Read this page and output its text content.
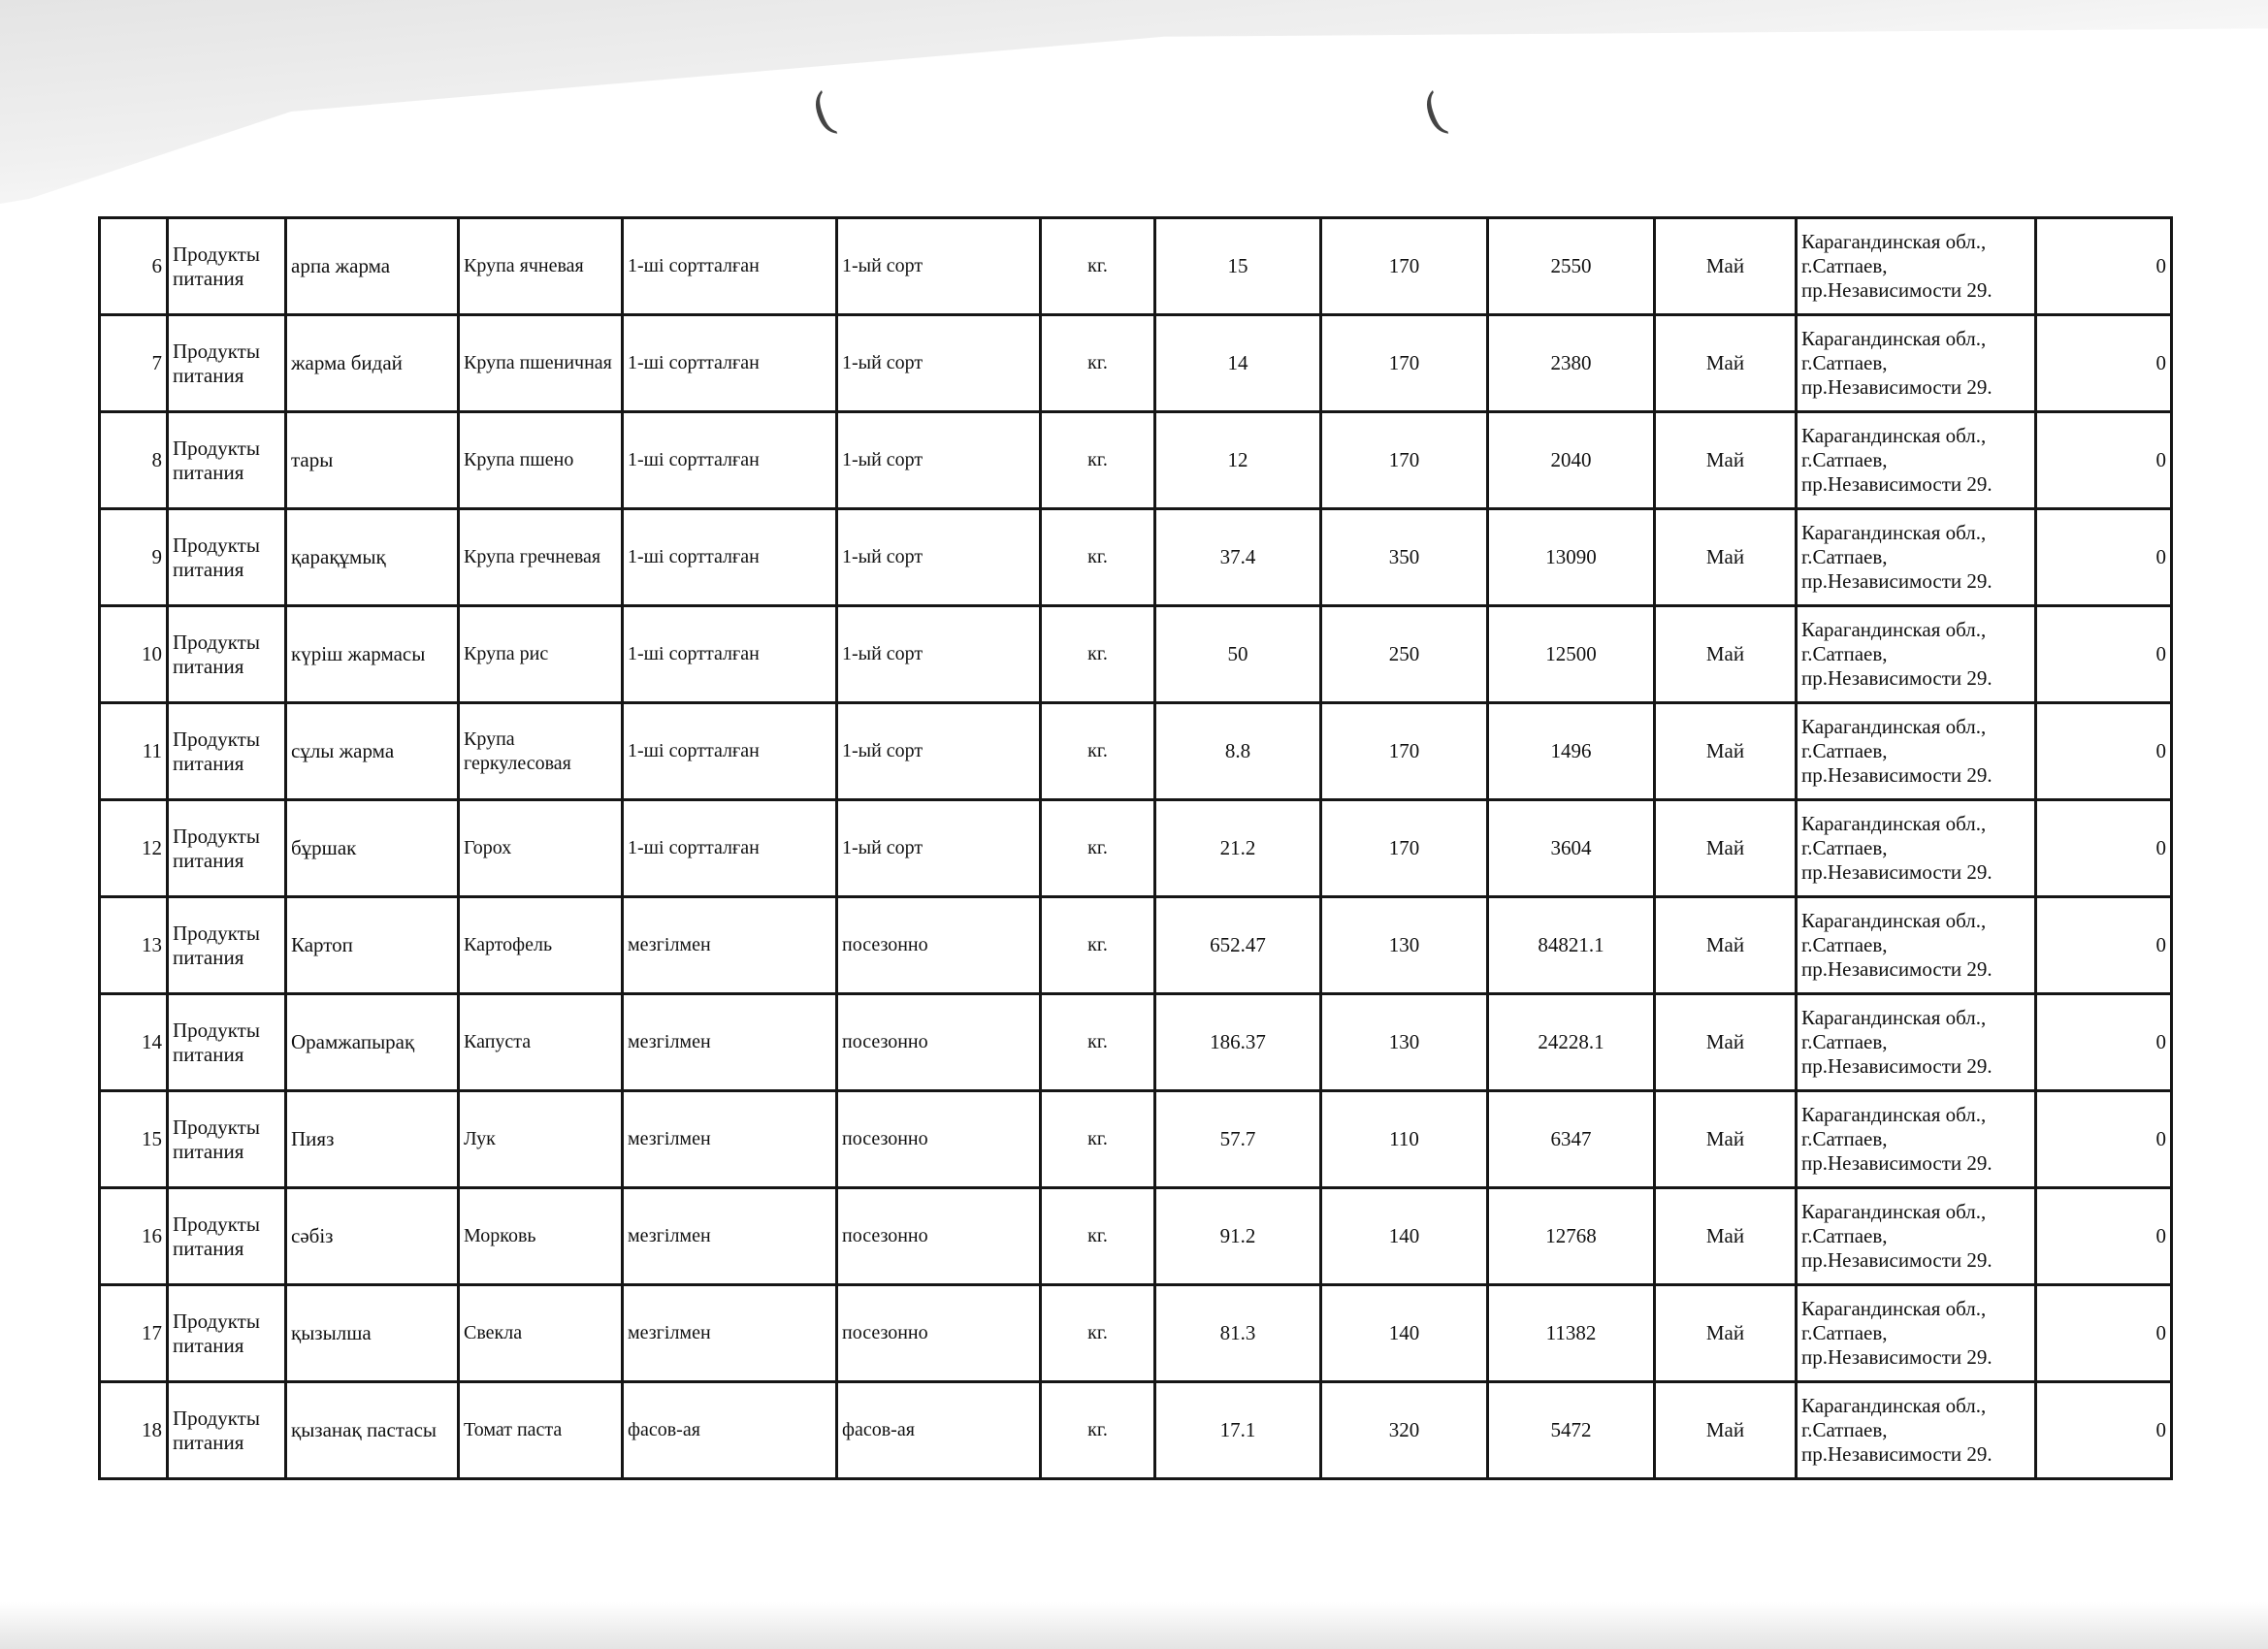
(	(
6	Продукты питания	арпа жарма	Крупа ячневая	1-ші сортталған	1-ый сорт	кг.	15	170	2550	Май	Карагандинская обл., г.Сатпаев, пр.Независимости 29.	0
7	Продукты питания	жарма бидай	Крупа пшеничная	1-ші сортталған	1-ый сорт	кг.	14	170	2380	Май	Карагандинская обл., г.Сатпаев, пр.Независимости 29.	0
8	Продукты питания	тары	Крупа пшено	1-ші сортталған	1-ый сорт	кг.	12	170	2040	Май	Карагандинская обл., г.Сатпаев, пр.Независимости 29.	0
9	Продукты питания	қарақұмық	Крупа гречневая	1-ші сортталған	1-ый сорт	кг.	37.4	350	13090	Май	Карагандинская обл., г.Сатпаев, пр.Независимости 29.	0
10	Продукты питания	күріш жармасы	Крупа рис	1-ші сортталған	1-ый сорт	кг.	50	250	12500	Май	Карагандинская обл., г.Сатпаев, пр.Независимости 29.	0
11	Продукты питания	сұлы жарма	Крупа геркулесовая	1-ші сортталған	1-ый сорт	кг.	8.8	170	1496	Май	Карагандинская обл., г.Сатпаев, пр.Независимости 29.	0
12	Продукты питания	бұршак	Горох	1-ші сортталған	1-ый сорт	кг.	21.2	170	3604	Май	Карагандинская обл., г.Сатпаев, пр.Независимости 29.	0
13	Продукты питания	Картоп	Картофель	мезгілмен	посезонно	кг.	652.47	130	84821.1	Май	Карагандинская обл., г.Сатпаев, пр.Независимости 29.	0
14	Продукты питания	Орамжапырақ	Капуста	мезгілмен	посезонно	кг.	186.37	130	24228.1	Май	Карагандинская обл., г.Сатпаев, пр.Независимости 29.	0
15	Продукты питания	Пияз	Лук	мезгілмен	посезонно	кг.	57.7	110	6347	Май	Карагандинская обл., г.Сатпаев, пр.Независимости 29.	0
16	Продукты питания	сәбіз	Морковь	мезгілмен	посезонно	кг.	91.2	140	12768	Май	Карагандинская обл., г.Сатпаев, пр.Независимости 29.	0
17	Продукты питания	қызылша	Свекла	мезгілмен	посезонно	кг.	81.3	140	11382	Май	Карагандинская обл., г.Сатпаев, пр.Независимости 29.	0
18	Продукты питания	қызанақ пастасы	Томат паста	фасов-ая	фасов-ая	кг.	17.1	320	5472	Май	Карагандинская обл., г.Сатпаев, пр.Независимости 29.	0
